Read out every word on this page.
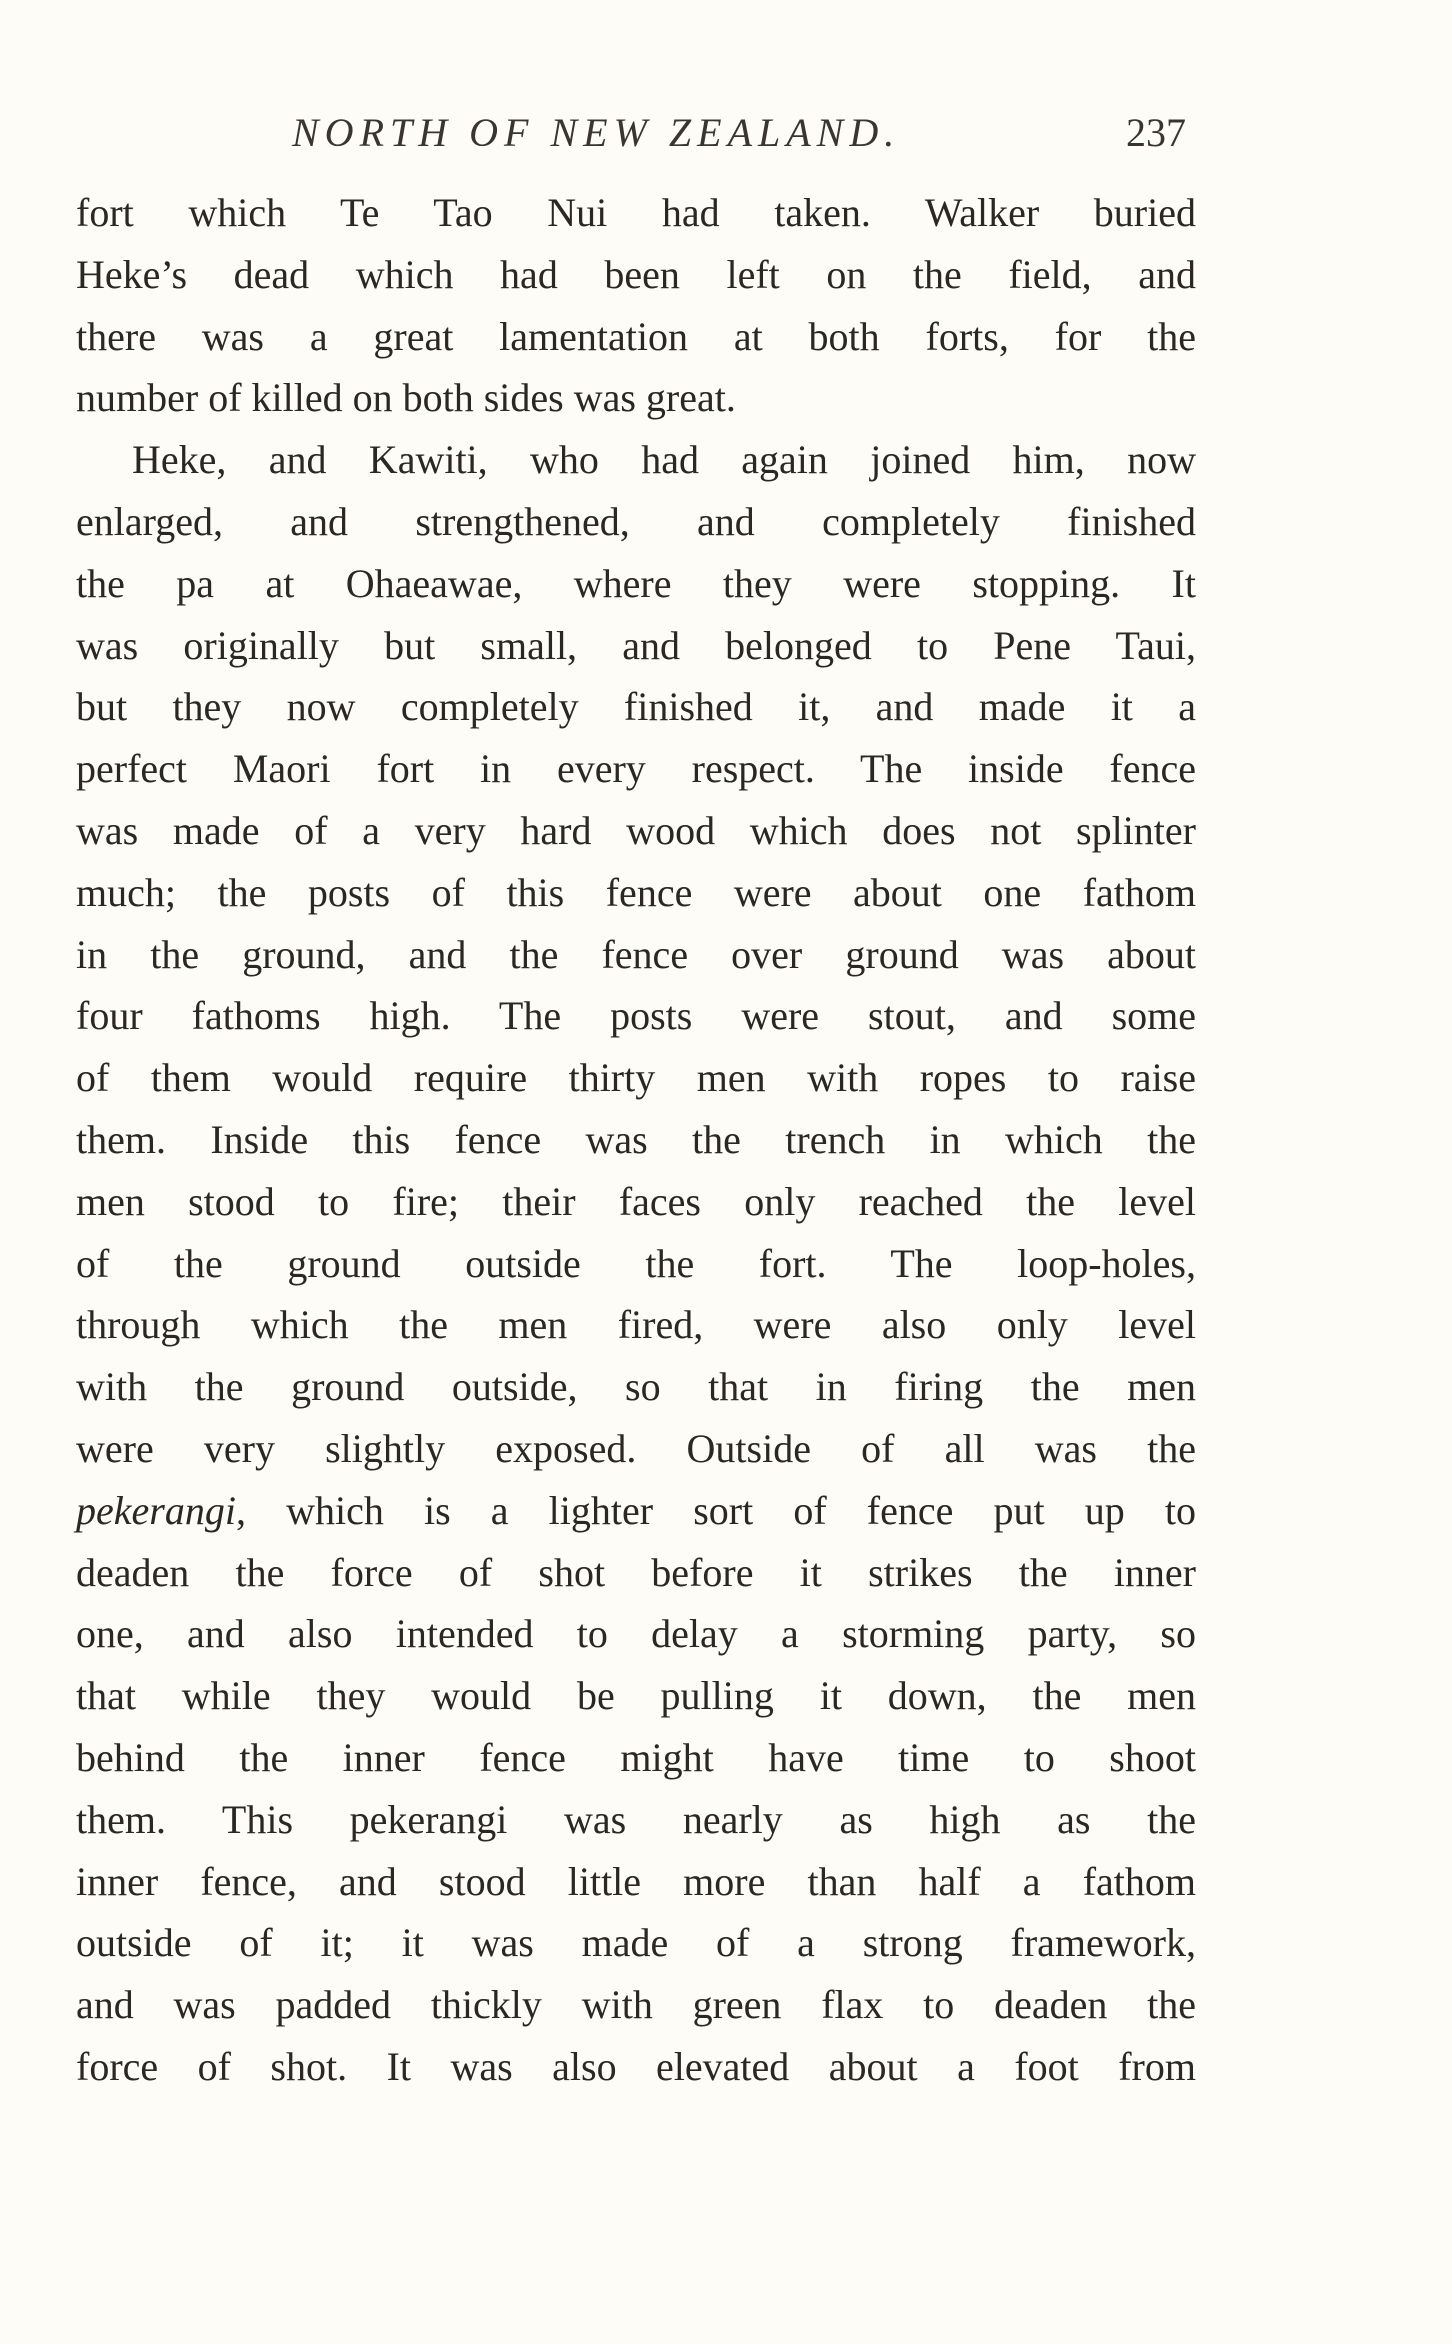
NORTH OF NEW ZEALAND.	237
fort which Te Tao Nui had taken. Walker buried
Heke’s dead which had been left on the field, and
there was a great lamentation at both forts, for the
number of killed on both sides was great.
Heke, and Kawiti, who had again joined him, now
enlarged, and strengthened, and completely finished
the pa at Ohaeawae, where they were stopping. It
was originally but small, and belonged to Pene Taui,
but they now completely finished it, and made it a
perfect Maori fort in every respect. The inside fence
was made of a very hard wood which does not splinter
much; the posts of this fence were about one fathom
in the ground, and the fence over ground was about
four fathoms high. The posts were stout, and some
of them would require thirty men with ropes to raise
them. Inside this fence was the trench in which the
men stood to fire; their faces only reached the level
of the ground outside the fort. The loop-holes,
through which the men fired, were also only level
with the ground outside, so that in firing the men
were very slightly exposed. Outside of all was the
pekerangi, which is a lighter sort of fence put up to
deaden the force of shot before it strikes the inner
one, and also intended to delay a storming party, so
that while they would be pulling it down, the men
behind the inner fence might have time to shoot
them. This pekerangi was nearly as high as the
inner fence, and stood little more than half a fathom
outside of it; it was made of a strong framework,
and was padded thickly with green flax to deaden the
force of shot. It was also elevated about a foot from
